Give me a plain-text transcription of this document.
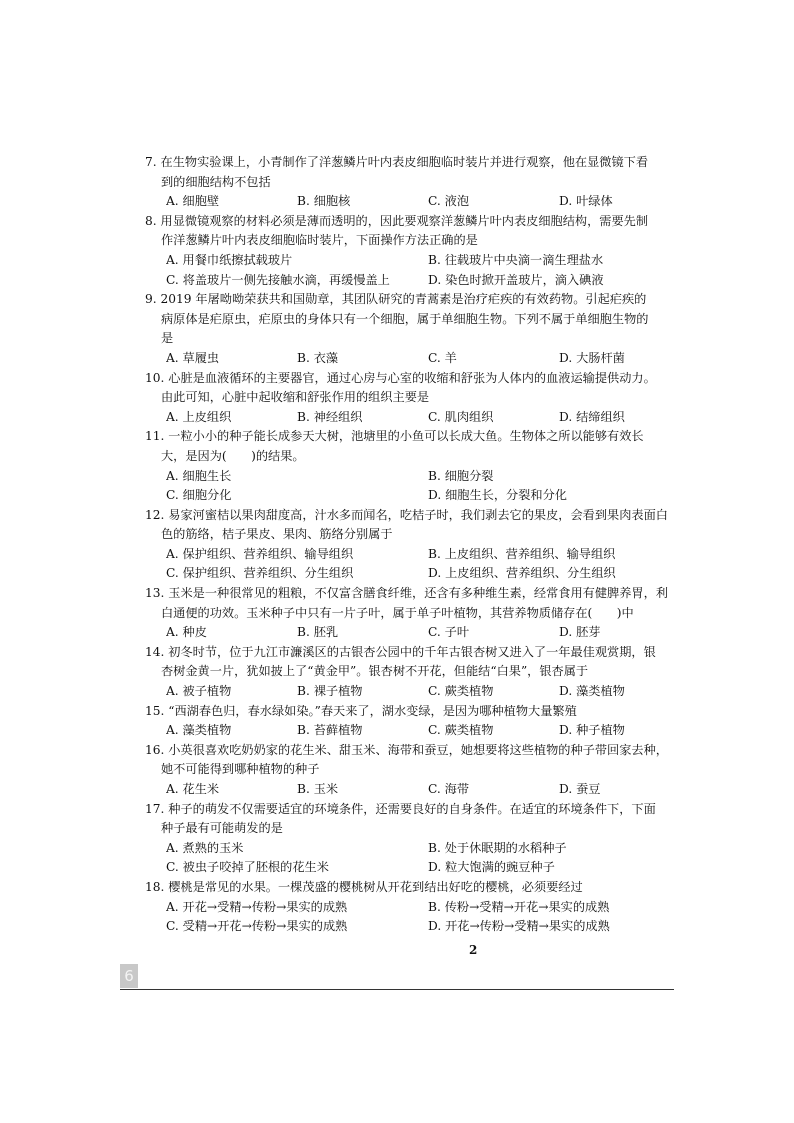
7. 在生物实验课上，小青制作了洋葱鳞片叶内表皮细胞临时装片并进行观察，他在显微镜下看
到的细胞结构不包括
A. 细胞壁	B. 细胞核	C. 液泡	D. 叶绿体
8. 用显微镜观察的材料必须是薄而透明的，因此要观察洋葱鳞片叶内表皮细胞结构，需要先制
作洋葱鳞片叶内表皮细胞临时装片，下面操作方法正确的是
A. 用餐巾纸擦拭载玻片	B. 往载玻片中央滴一滴生理盐水
C. 将盖玻片一侧先接触水滴，再缓慢盖上	D. 染色时掀开盖玻片，滴入碘液
9. 2019 年屠呦呦荣获共和国勋章，其团队研究的青蒿素是治疗疟疾的有效药物。引起疟疾的
病原体是疟原虫，疟原虫的身体只有一个细胞，属于单细胞生物。下列不属于单细胞生物的
是
A. 草履虫	B. 衣藻	C. 羊	D. 大肠杆菌
10. 心脏是血液循环的主要器官，通过心房与心室的收缩和舒张为人体内的血液运输提供动力。
由此可知，心脏中起收缩和舒张作用的组织主要是
A. 上皮组织	B. 神经组织	C. 肌肉组织	D. 结缔组织
11. 一粒小小的种子能长成参天大树，池塘里的小鱼可以长成大鱼。生物体之所以能够有效长
大，是因为(　　)的结果。
A. 细胞生长	B. 细胞分裂
C. 细胞分化	D. 细胞生长，分裂和分化
12. 易家河蜜桔以果肉甜度高，汁水多而闻名，吃桔子时，我们剥去它的果皮，会看到果肉表面白
色的筋络，桔子果皮、果肉、筋络分别属于
A. 保护组织、营养组织、输导组织	B. 上皮组织、营养组织、输导组织
C. 保护组织、营养组织、分生组织	D. 上皮组织、营养组织、分生组织
13. 玉米是一种很常见的粗粮，不仅富含膳食纤维，还含有多种维生素，经常食用有健脾养胃，利
白通便的功效。玉米种子中只有一片子叶，属于单子叶植物，其营养物质储存在(　　)中
A. 种皮	B. 胚乳	C. 子叶	D. 胚芽
14. 初冬时节，位于九江市濂溪区的古银杏公园中的千年古银杏树又进入了一年最佳观赏期，银
杏树金黄一片，犹如披上了“黄金甲”。银杏树不开花，但能结“白果”，银杏属于
A. 被子植物	B. 裸子植物	C. 蕨类植物	D. 藻类植物
15. “西湖春色归，春水绿如染。”春天来了，湖水变绿，是因为哪种植物大量繁殖
A. 藻类植物	B. 苔藓植物	C. 蕨类植物	D. 种子植物
16. 小英很喜欢吃奶奶家的花生米、甜玉米、海带和蚕豆，她想要将这些植物的种子带回家去种，
她不可能得到哪种植物的种子
A. 花生米	B. 玉米	C. 海带	D. 蚕豆
17. 种子的萌发不仅需要适宜的环境条件，还需要良好的自身条件。在适宜的环境条件下，下面
种子最有可能萌发的是
A. 煮熟的玉米	B. 处于休眠期的水稻种子
C. 被虫子咬掉了胚根的花生米	D. 粒大饱满的豌豆种子
18. 樱桃是常见的水果。一棵茂盛的樱桃树从开花到结出好吃的樱桃，必须要经过
A. 开花→受精→传粉→果实的成熟	B. 传粉→受精→开花→果实的成熟
C. 受精→开花→传粉→果实的成熟	D. 开花→传粉→受精→果实的成熟
2
6
